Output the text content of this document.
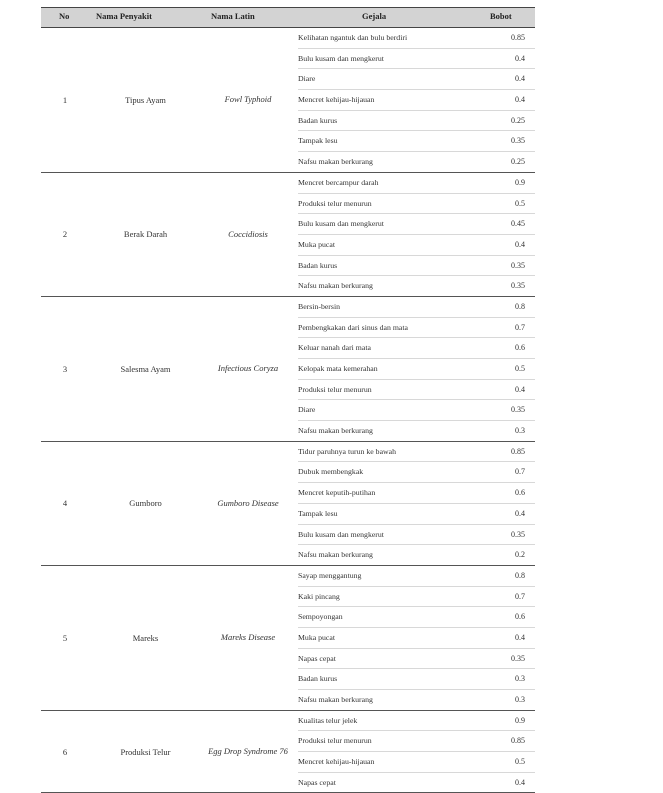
No	Nama Penyakit	Nama Latin	Gejala	Bobot
1	Tipus Ayam	Fowl Typhoid
Kelihatan ngantuk dan bulu berdiri	0.85
Bulu kusam dan mengkerut	0.4
Diare	0.4
Mencret kehijau-hijauan	0.4
Badan kurus	0.25
Tampak lesu	0.35
Nafsu makan berkurang	0.25
2	Berak Darah	Coccidiosis
Mencret bercampur darah	0.9
Produksi telur menurun	0.5
Bulu kusam dan mengkerut	0.45
Muka pucat	0.4
Badan kurus	0.35
Nafsu makan berkurang	0.35
3	Salesma Ayam	Infectious Coryza
Bersin-bersin	0.8
Pembengkakan dari sinus dan mata	0.7
Keluar nanah dari mata	0.6
Kelopak mata kemerahan	0.5
Produksi telur menurun	0.4
Diare	0.35
Nafsu makan berkurang	0.3
4	Gumboro	Gumboro Disease
Tidur paruhnya turun ke bawah	0.85
Dubuk membengkak	0.7
Mencret keputih-putihan	0.6
Tampak lesu	0.4
Bulu kusam dan mengkerut	0.35
Nafsu makan berkurang	0.2
5	Mareks	Mareks Disease
Sayap menggantung	0.8
Kaki pincang	0.7
Sempoyongan	0.6
Muka pucat	0.4
Napas cepat	0.35
Badan kurus	0.3
Nafsu makan berkurang	0.3
6	Produksi Telur	Egg Drop Syndrome 76
Kualitas telur jelek	0.9
Produksi telur menurun	0.85
Mencret kehijau-hijauan	0.5
Napas cepat	0.4
